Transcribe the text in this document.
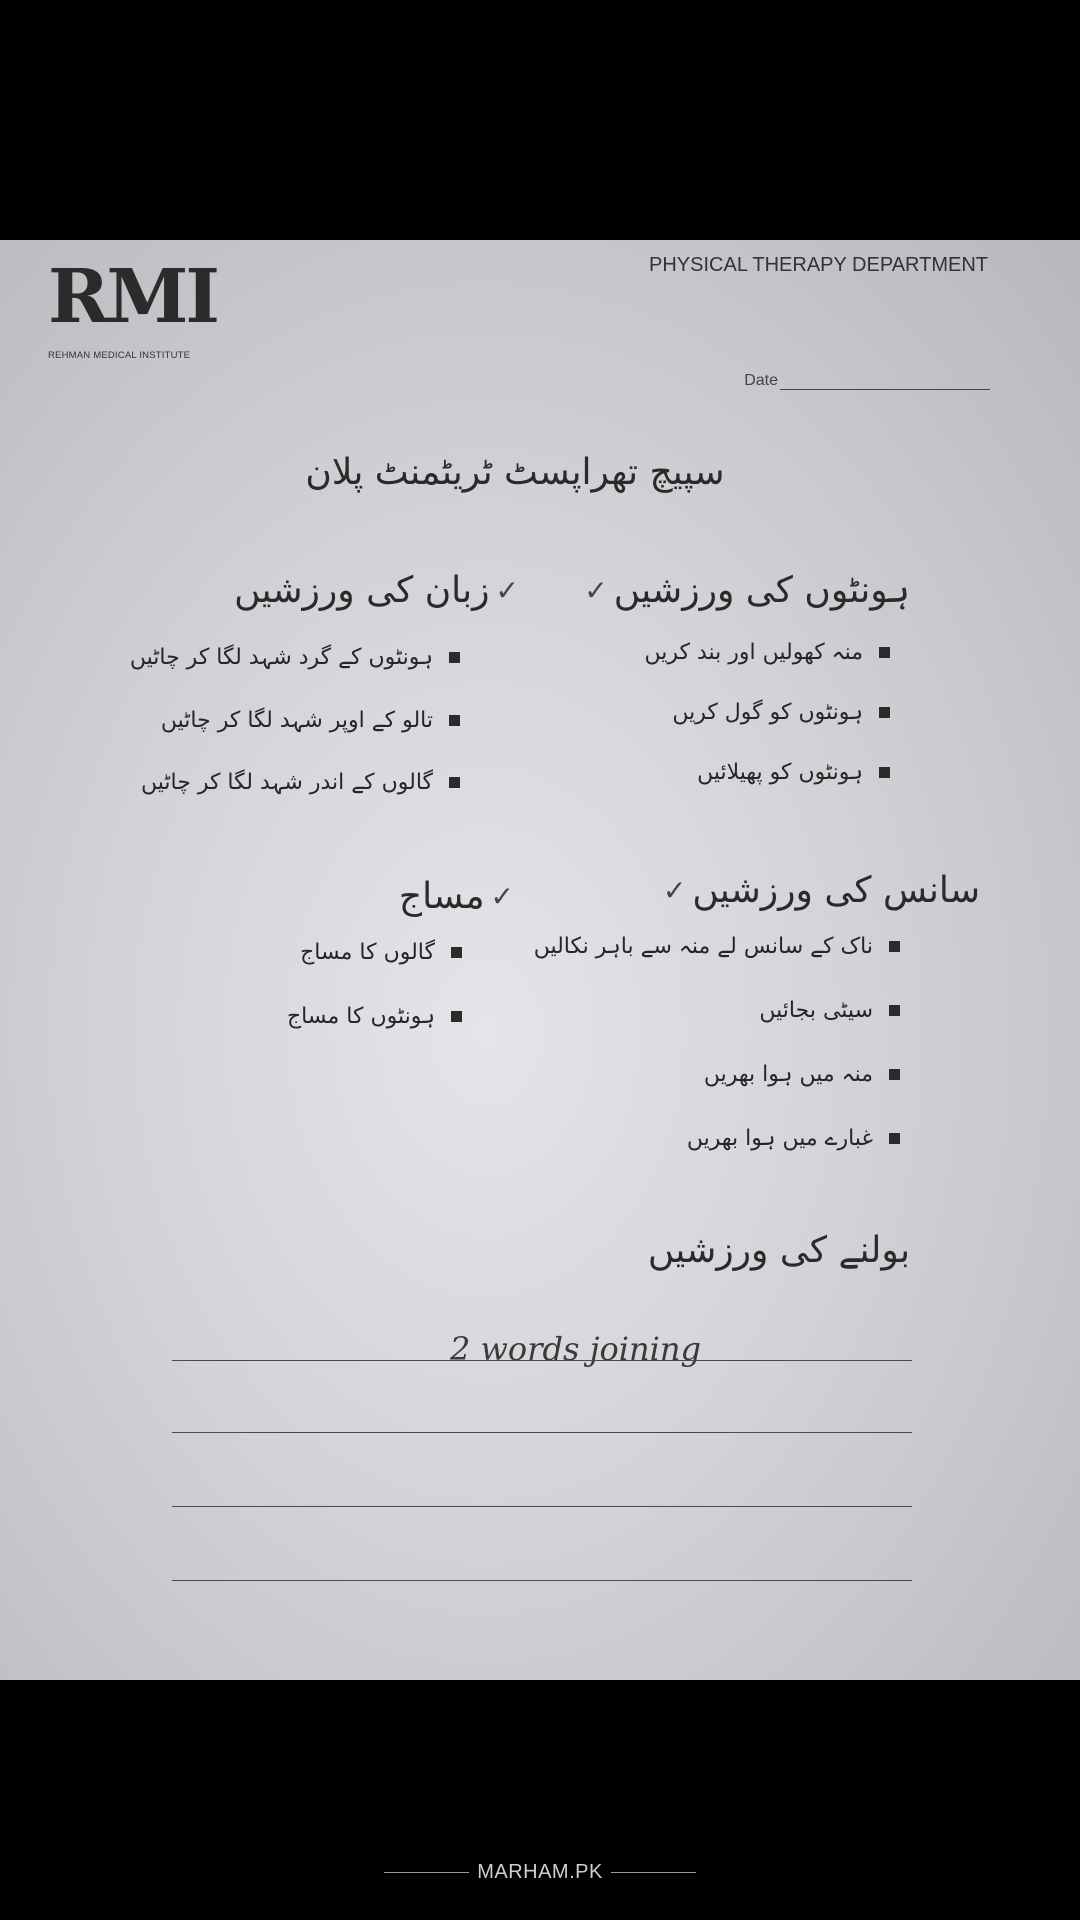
RMI
REHMAN MEDICAL INSTITUTE
PHYSICAL THERAPY DEPARTMENT
Date
سپیچ تھراپسٹ ٹریٹمنٹ پلان
ہونٹوں کی ورزشیں
✓
منہ کھولیں اور بند کریں
ہونٹوں کو گول کریں
ہونٹوں کو پھیلائیں
✓
زبان کی ورزشیں
ہونٹوں کے گرد شہد لگا کر چاٹیں
تالو کے اوپر شہد لگا کر چاٹیں
گالوں کے اندر شہد لگا کر چاٹیں
سانس کی ورزشیں
✓
ناک کے سانس لے منہ سے باہر نکالیں
سیٹی بجائیں
منہ میں ہوا بھریں
غبارے میں ہوا بھریں
✓
مساج
گالوں کا مساج
ہونٹوں کا مساج
بولنے کی ورزشیں
2 words joining
MARHAM.PK
